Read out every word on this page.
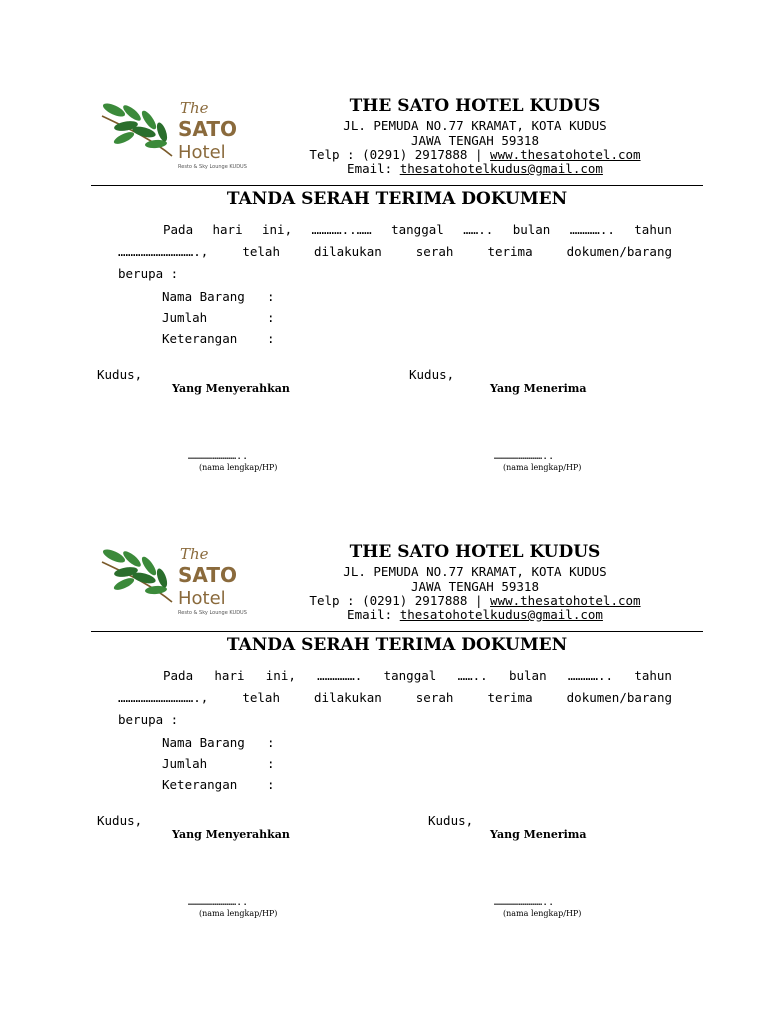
The
SATO
Hotel
Resto & Sky Lounge KUDUS
THE SATO HOTEL KUDUS
JL. PEMUDA NO.77 KRAMAT, KOTA KUDUS
JAWA TENGAH 59318
Telp : (0291) 2917888 | www.thesatohotel.com
Email: thesatohotelkudus@gmail.com
TANDA SERAH TERIMA DOKUMEN
Pada hari ini, …………..…… tanggal …….. bulan ………….. tahun
………………………….,	telah	dilakukan	serah	terima	dokumen/barang
berupa :
Nama Barang :
Jumlah	:
Keterangan :
Kudus,	Kudus,
Yang Menyerahkan	Yang Menerima
……………………..	……………………..
(nama lengkap/HP)	(nama lengkap/HP)
The
SATO
Hotel
Resto & Sky Lounge KUDUS
THE SATO HOTEL KUDUS
JL. PEMUDA NO.77 KRAMAT, KOTA KUDUS
JAWA TENGAH 59318
Telp : (0291) 2917888 | www.thesatohotel.com
Email: thesatohotelkudus@gmail.com
TANDA SERAH TERIMA DOKUMEN
Pada hari ini, ……………. tanggal …….. bulan ………….. tahun
………………………….,	telah	dilakukan	serah	terima	dokumen/barang
berupa :
Nama Barang :
Jumlah	:
Keterangan :
Kudus,	Kudus,
Yang Menyerahkan	Yang Menerima
……………………..	……………………..
(nama lengkap/HP)	(nama lengkap/HP)
